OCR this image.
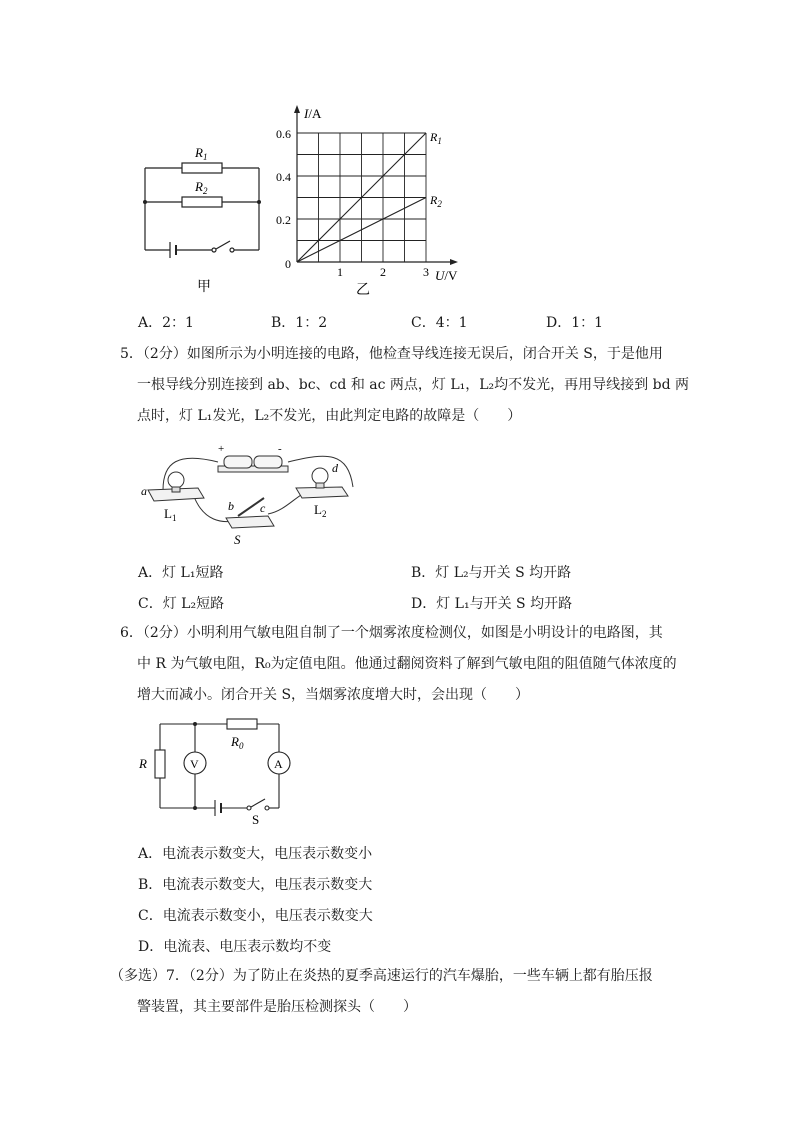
$R_1$
$R_2$
甲
I/A
0
0.2
0.4
0.6
1	2	3 U/V
$R_1$
$R_2$
乙
A．2：1	B．1：2	C．4：1	D．1：1
5．（2分）如图所示为小明连接的电路，他检查导线连接无误后，闭合开关 S，于是他用
一根导线分别连接到 ab、bc、cd 和 ac 两点，灯 L₁，L₂均不发光，再用导线接到 bd 两
点时，灯 L₁发光，L₂不发光，由此判定电路的故障是（　　）
+	-
a
b c
d
$L_1$
$L_2$
S
A．灯 L₁短路	B．灯 L₂与开关 S 均开路
C．灯 L₂短路	D．灯 L₁与开关 S 均开路
6．（2分）小明利用气敏电阻自制了一个烟雾浓度检测仪，如图是小明设计的电路图，其
中 R 为气敏电阻，R₀为定值电阻。他通过翻阅资料了解到气敏电阻的阻值随气体浓度的
增大而减小。闭合开关 S，当烟雾浓度增大时，会出现（　　）
R
$R_0$
V	A
S
A．电流表示数变大，电压表示数变小
B．电流表示数变大，电压表示数变大
C．电流表示数变小，电压表示数变大
D．电流表、电压表示数均不变
（多选）7．（2分）为了防止在炎热的夏季高速运行的汽车爆胎，一些车辆上都有胎压报
警装置，其主要部件是胎压检测探头（　　）
